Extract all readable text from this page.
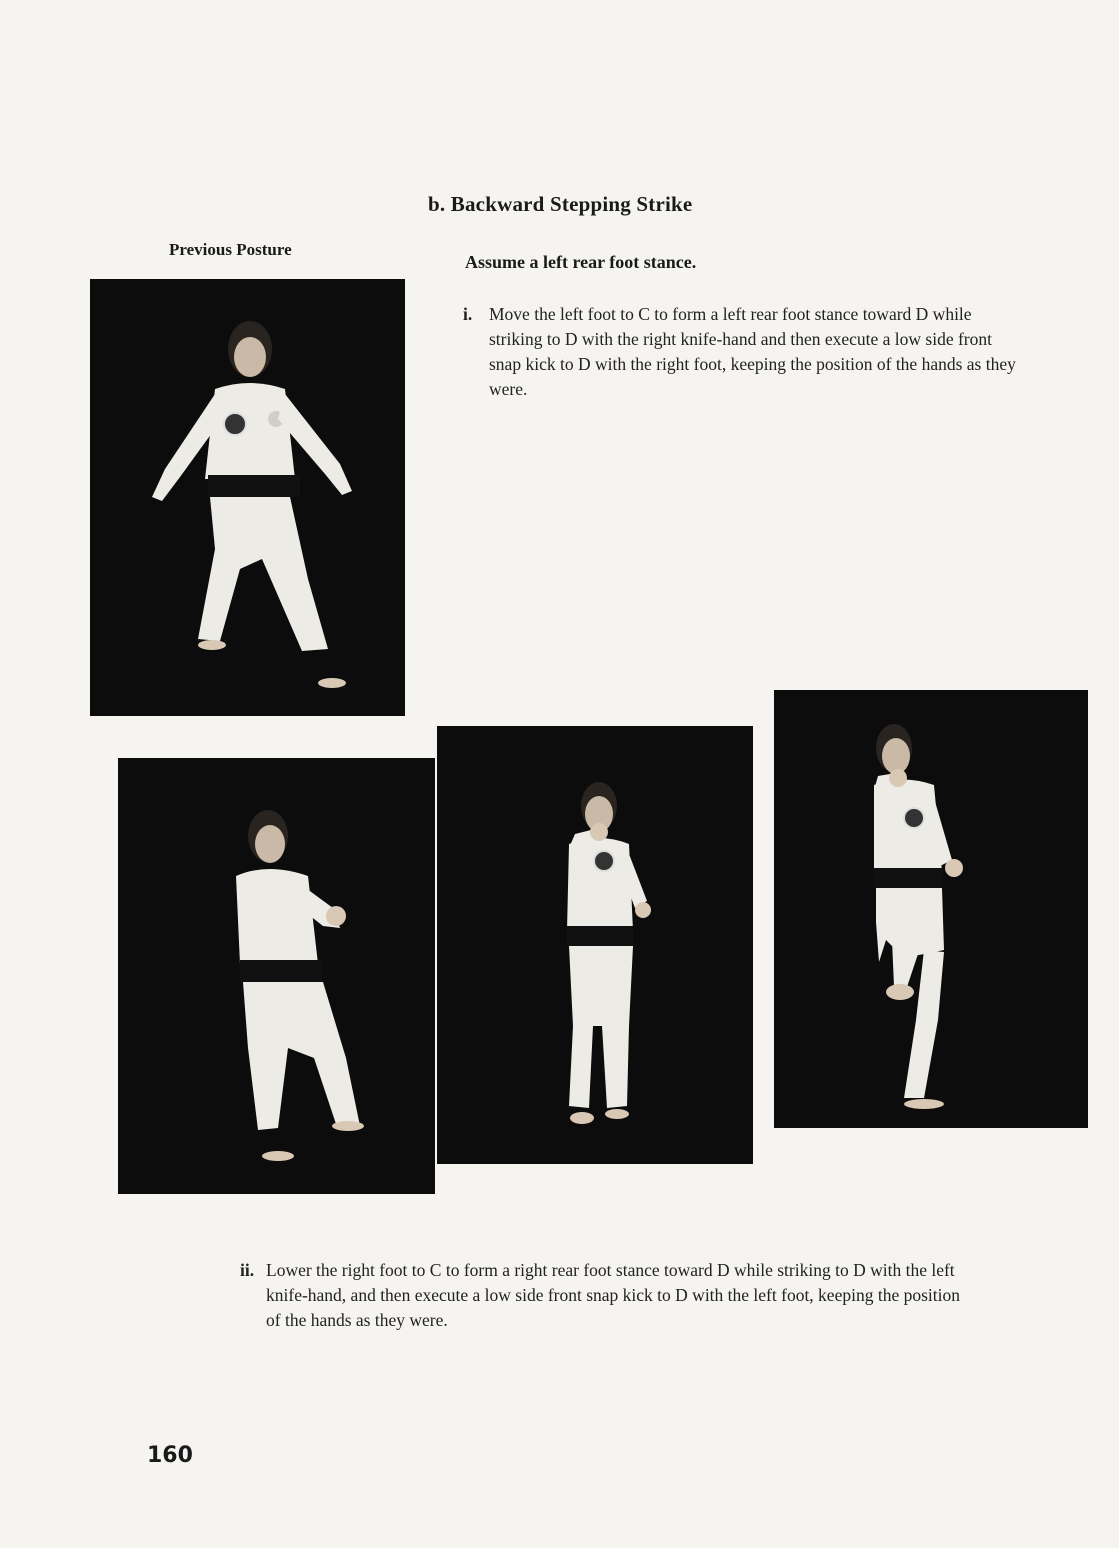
b. Backward Stepping Strike
Previous Posture
Assume a left rear foot stance.
i. Move the left foot to C to form a left rear foot stance toward D while striking to D with the right knife-hand and then execute a low side front snap kick to D with the right foot, keeping the position of the hands as they were.
ii. Lower the right foot to C to form a right rear foot stance toward D while striking to D with the left knife-hand, and then execute a low side front snap kick to D with the left foot, keeping the position of the hands as they were.
160
